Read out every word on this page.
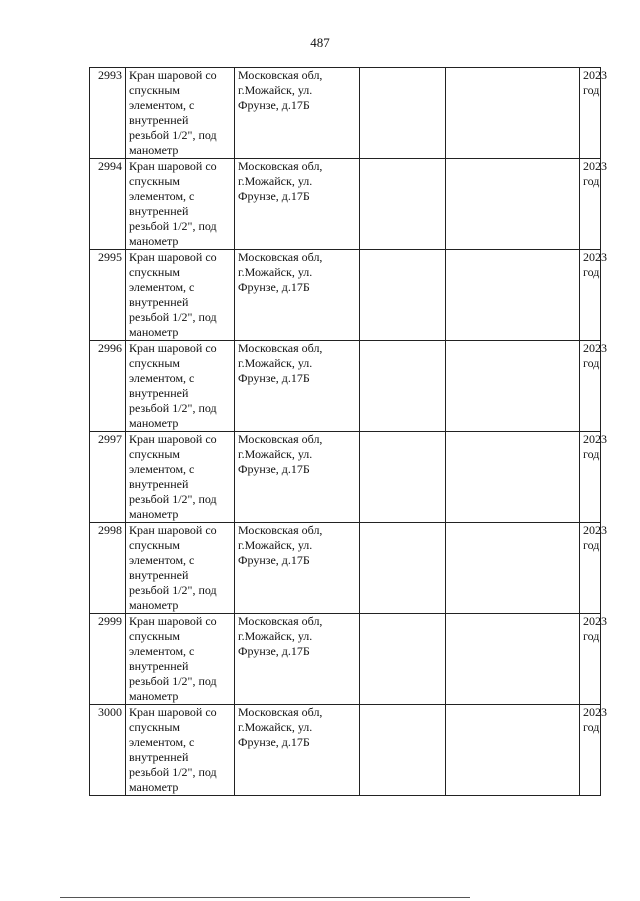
487
2993	Кран шаровой со спускным элементом, с внутренней резьбой 1/2", под манометр	Московская обл, г.Можайск, ул. Фрунзе, д.17Б			2023 год
2994	Кран шаровой со спускным элементом, с внутренней резьбой 1/2", под манометр	Московская обл, г.Можайск, ул. Фрунзе, д.17Б			2023 год
2995	Кран шаровой со спускным элементом, с внутренней резьбой 1/2", под манометр	Московская обл, г.Можайск, ул. Фрунзе, д.17Б			2023 год
2996	Кран шаровой со спускным элементом, с внутренней резьбой 1/2", под манометр	Московская обл, г.Можайск, ул. Фрунзе, д.17Б			2023 год
2997	Кран шаровой со спускным элементом, с внутренней резьбой 1/2", под манометр	Московская обл, г.Можайск, ул. Фрунзе, д.17Б			2023 год
2998	Кран шаровой со спускным элементом, с внутренней резьбой 1/2", под манометр	Московская обл, г.Можайск, ул. Фрунзе, д.17Б			2023 год
2999	Кран шаровой со спускным элементом, с внутренней резьбой 1/2", под манометр	Московская обл, г.Можайск, ул. Фрунзе, д.17Б			2023 год
3000	Кран шаровой со спускным элементом, с внутренней резьбой 1/2", под манометр	Московская обл, г.Можайск, ул. Фрунзе, д.17Б			2023 год
